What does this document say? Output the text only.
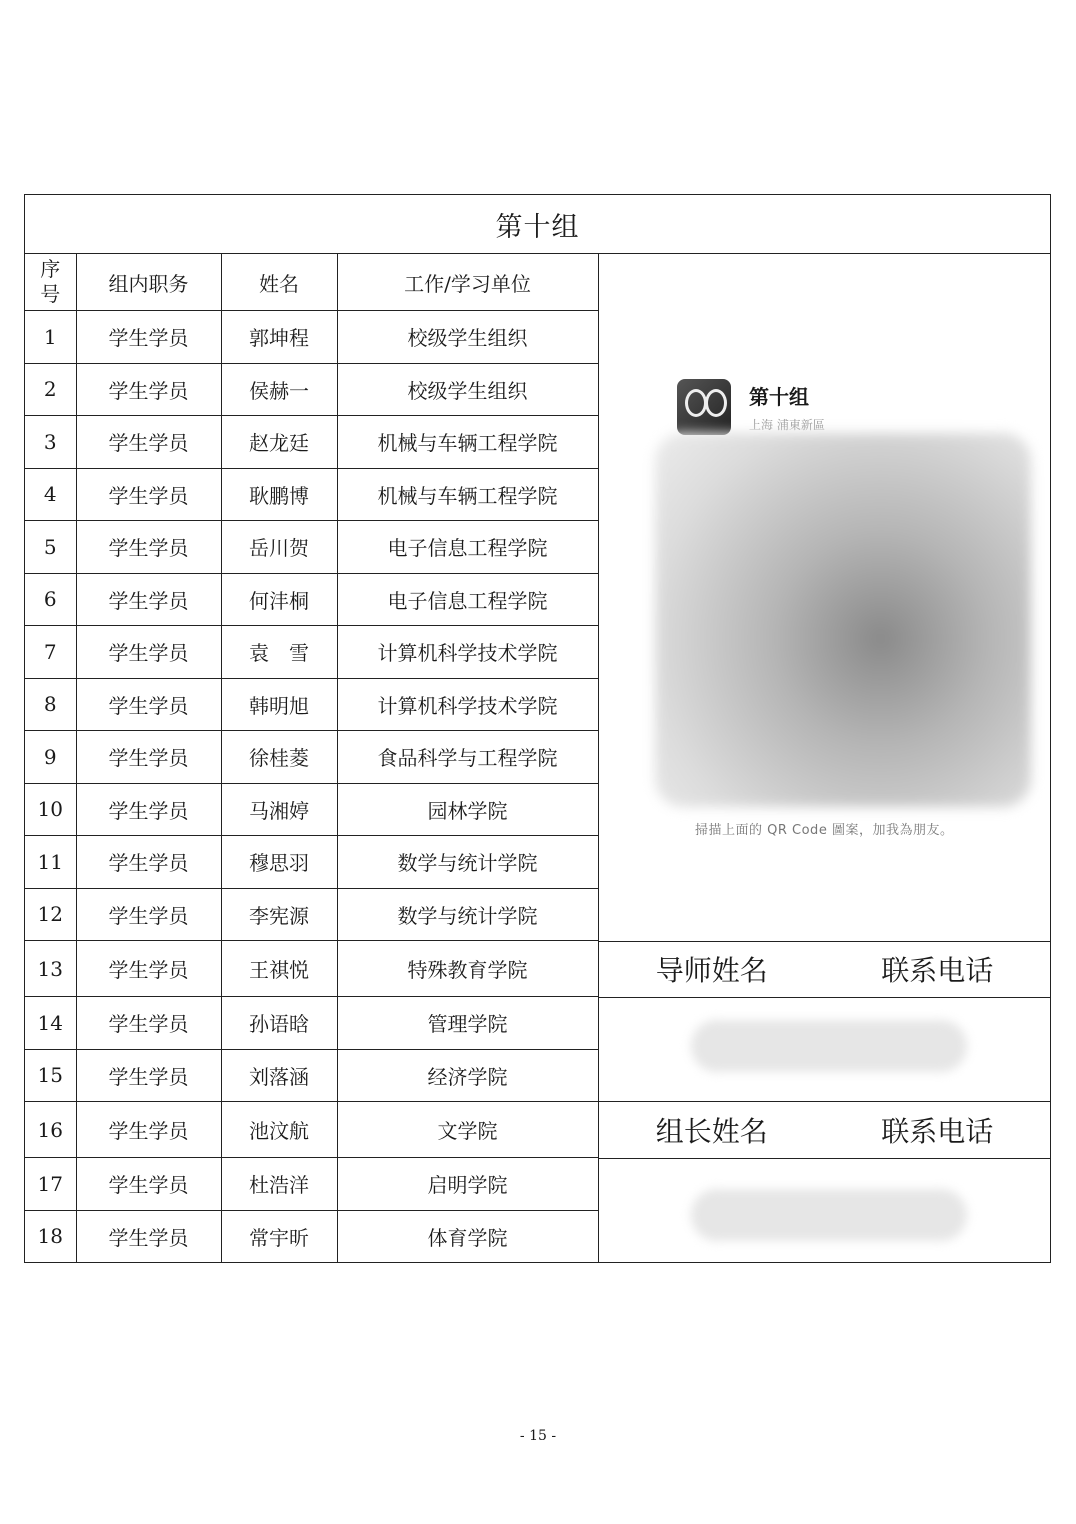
第十组
序
号	组内职务	姓名	工作/学习单位
1	学生学员	郭坤程	校级学生组织
2	学生学员	侯赫一	校级学生组织
3	学生学员	赵龙廷	机械与车辆工程学院
4	学生学员	耿鹏博	机械与车辆工程学院
5	学生学员	岳川贺	电子信息工程学院
6	学生学员	何沣桐	电子信息工程学院
7	学生学员	袁　雪	计算机科学技术学院
8	学生学员	韩明旭	计算机科学技术学院
9	学生学员	徐桂菱	食品科学与工程学院
10	学生学员	马湘婷	园林学院
11	学生学员	穆思羽	数学与统计学院
12	学生学员	李宪源	数学与统计学院
13	学生学员	王祺悦	特殊教育学院
14	学生学员	孙语晗	管理学院
15	学生学员	刘落涵	经济学院
16	学生学员	池汶航	文学院
17	学生学员	杜浩洋	启明学院
18	学生学员	常宇昕	体育学院
第十组
上海 浦東新區
掃描上面的 QR Code 圖案，加我為朋友。
导师姓名	联系电话
组长姓名	联系电话
- 15 -
